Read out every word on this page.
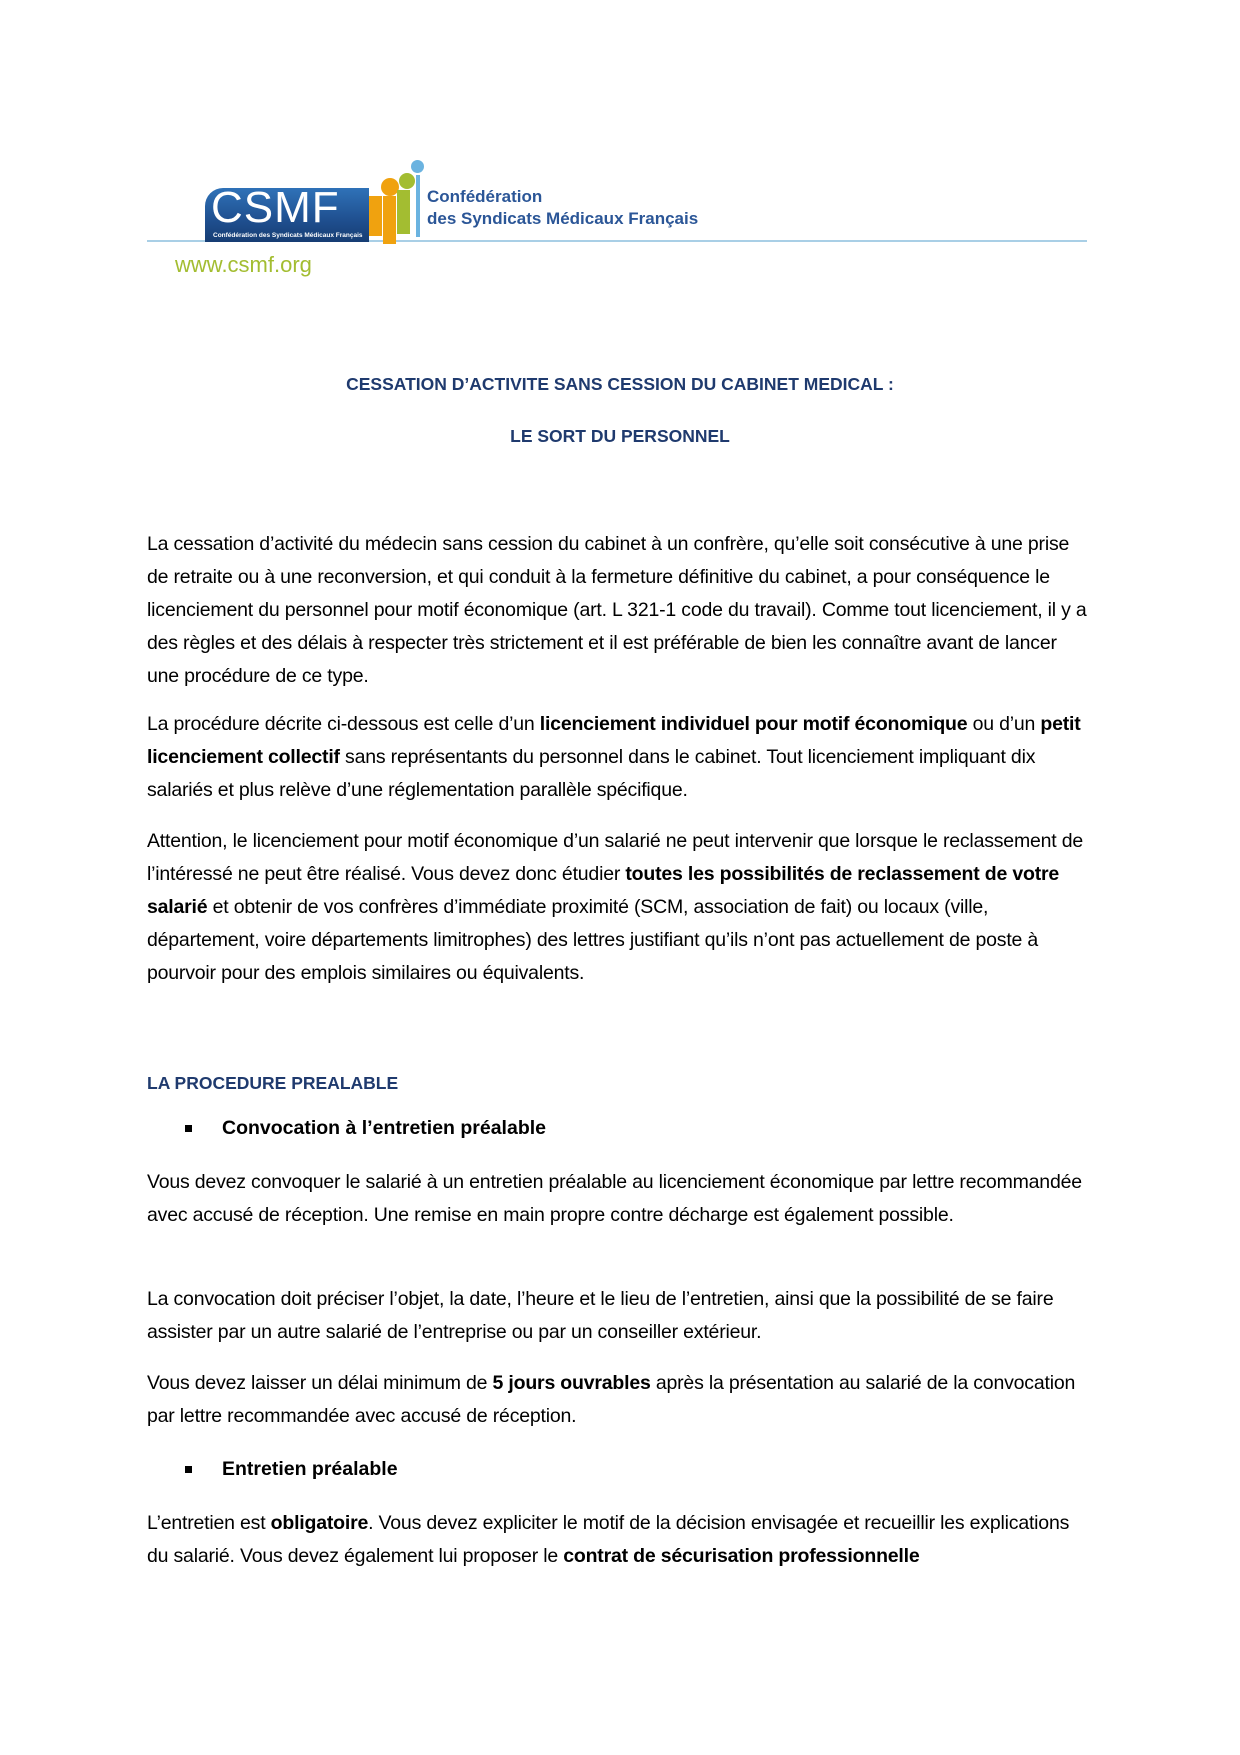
CSMF
Confédération des Syndicats Médicaux Français
Confédération
des Syndicats Médicaux Français
www.csmf.org
CESSATION D’ACTIVITE SANS CESSION DU CABINET MEDICAL :
LE SORT DU PERSONNEL
La cessation d’activité du médecin sans cession du cabinet à un confrère, qu’elle soit consécutive à une prise de retraite ou à une reconversion, et qui conduit à la fermeture définitive du cabinet, a pour conséquence le licenciement du personnel pour motif économique (art. L 321-1 code du travail). Comme tout licenciement, il y a des règles et des délais à respecter très strictement et il est préférable de bien les connaître avant de lancer une procédure de ce type.
La procédure décrite ci-dessous est celle d’un licenciement individuel pour motif économique ou d’un petit licenciement collectif sans représentants du personnel dans le cabinet. Tout licenciement impliquant dix salariés et plus relève d’une réglementation parallèle spécifique.
Attention, le licenciement pour motif économique d’un salarié ne peut intervenir que lorsque le reclassement de l’intéressé ne peut être réalisé. Vous devez donc étudier toutes les possibilités de reclassement de votre salarié et obtenir de vos confrères d’immédiate proximité (SCM, association de fait) ou locaux (ville, département, voire départements limitrophes) des lettres justifiant qu’ils n’ont pas actuellement de poste à pourvoir pour des emplois similaires ou équivalents.
LA PROCEDURE PREALABLE
Convocation à l’entretien préalable
Vous devez convoquer le salarié à un entretien préalable au licenciement économique par lettre recommandée avec accusé de réception. Une remise en main propre contre décharge est également possible.
La convocation doit préciser l’objet, la date, l’heure et le lieu de l’entretien, ainsi que la possibilité de se faire assister par un autre salarié de l’entreprise ou par un conseiller extérieur.
Vous devez laisser un délai minimum de 5 jours ouvrables après la présentation au salarié de la convocation par lettre recommandée avec accusé de réception.
Entretien préalable
L’entretien est obligatoire. Vous devez expliciter le motif de la décision envisagée et recueillir les explications du salarié. Vous devez également lui proposer le contrat de sécurisation professionnelle
